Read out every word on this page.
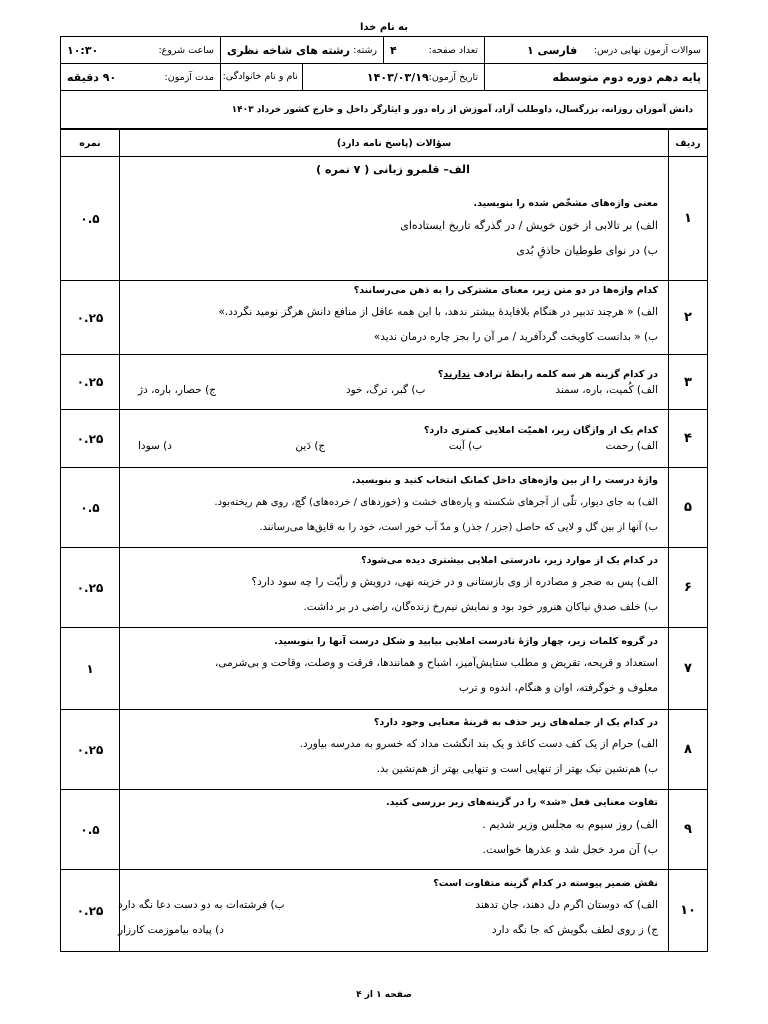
به نام خدا
سوالات آزمون نهایی درس:
فارسی ۱	تعداد صفحه:
۴	رشته:
رشته های شاخه نظری	ساعت شروع:
۱۰:۳۰

پایه دهم دوره دوم متوسطه	تاریخ آزمون:
۱۴۰۳/۰۳/۱۹
نام و نام خانوادگی:		مدت آزمون:
۹۰ دقیقه
دانش آموزان روزانه، بزرگسال، داوطلب آزاد، آموزش از راه دور و ایثارگر داخل و خارج کشور خرداد ۱۴۰۳
ردیف	سؤالات (پاسخ نامه دارد)	نمره
۱	الف– قلمرو زبانی ( ۷ نمره )
معنی واژه‌های مشخّص شده را بنویسید.
الف) بر تالابی از خون خویش / در گذرگه تاریخ ایستاده‌ای
ب) در نوای طوطیان حاذقِ بُدی	۰.۵
۲	کدام واژه‌ها در دو متن زیر، معنای مشترکی را به ذهن می‌رسانند؟
الف) « هرچند تدبیر در هنگام بلافایدهٔ بیشتر ندهد، با این همه عاقل از منافع دانش هرگز نومید نگردد.»
ب) « بدانست کاویخت گردآفرید / مر آن را بجز چاره درمان ندید»	۰.۲۵
۳	در کدام گزینه هر سه کلمه رابطهٔ ترادف ندارند؟
الف) کُمیت، باره، سمند
ب) گبر، ترگ، خود
ج) حصار، باره، دژ	۰.۲۵
۴	کدام یک از واژگان زیر، اهمیّت املایی کمتری دارد؟
الف) رحمت
ب) آیت
ج) دَین
د) سودا	۰.۲۵
۵	واژهٔ درست را از بین واژه‌های داخل کمانک انتخاب کنید و بنویسید.
الف) به جای دیوار، تلّی از آجرهای شکسته و پاره‌های خشت و (خوردهای / خرده‌های) گچ، روی هم ریخته‌بود.
ب) آنها از بین گل و لایی که حاصل (جزر / جذر) و مدّ آب خور است، خود را به قایق‌ها می‌رسانند.	۰.۵
۶	در کدام یک از موارد زیر، نادرستی املایی بیشتری دیده می‌شود؟
الف) پس به ضجر و مصادره از وی بازستانی و در خزینه نهی، درویش و رأیّت را چه سود دارد؟
ب) خلف صدق نیاکان هنرور خود بود و نمایش نیم‌رخ زنده‌گان، راضی در بر داشت.	۰.۲۵
۷	در گروه کلمات زیر، چهار واژهٔ نادرست املایی بیابید و شکل درست آنها را بنویسید.
استعداد و قریحه، تقریض و مطلب ستایش‌آمیز، اشباح و همانندها، فرقت و وصلت، وقاحت و بی‌شرمی،
معلوف و خوگرفته، اوان و هنگام، اندوه و ترب	۱
۸	در کدام یک از جمله‌های زیر حذف به قرینهٔ معنایی وجود دارد؟
الف) حرام از یک کف دست کاغذ و یک بند انگشت مداد که خسرو به مدرسه بیاورد.
ب) هم‌نشین نیک بهتر از تنهایی است و تنهایی بهتر از هم‌نشین بد.	۰.۲۵
۹	تفاوت معنایی فعل «شد» را در گزینه‌های زیر بررسی کنید.
الف) روز سیوم به مجلس وزیر شدیم .
ب) آن مرد خجل شد و عذرها خواست.	۰.۵
۱۰	نقش ضمیر پیوسته در کدام گزینه متفاوت است؟
الف) که دوستان اگرم دل دهند، جان تدهند
ب) فرشته‌ات به دو دست دعا نگه دارد
ج) ز روی لطف بگویش که جا نگه دارد
د) پیاده بیاموزمت کارزار	۰.۲۵
صفحه ۱ از ۴
